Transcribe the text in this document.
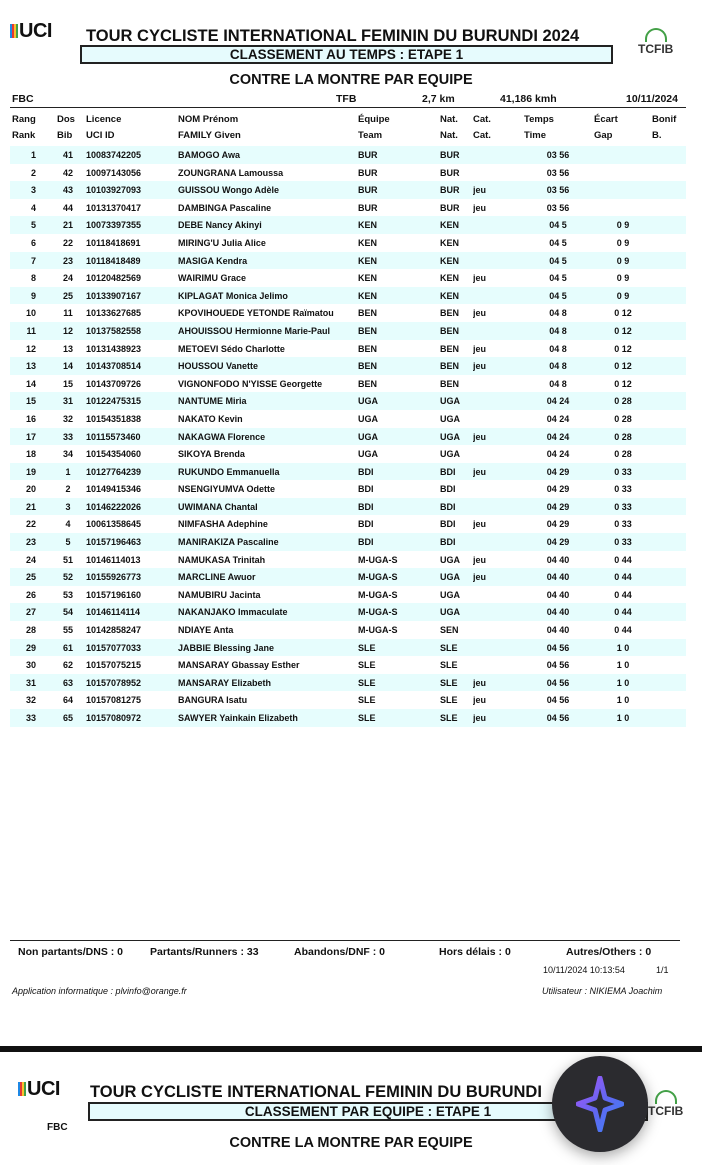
UCI TOUR CYCLISTE INTERNATIONAL FEMININ DU BURUNDI 2024
CLASSEMENT AU TEMPS : ETAPE 1	TCFIB
CONTRE LA MONTRE PAR EQUIPE
FBC	TFB	2,7 km	41,186 kmh	10/11/2024
Rang Dos Licence	NOM Prénom	Équipe	Nat. Cat.	Temps	Écart	Bonif
Rank Bib UCI ID	FAMILY Given	Team	Nat. Cat.	Time	Gap	B.
1	41	10083742205	BAMOGO Awa	BUR	BUR	03 56
2	42	10097143056	ZOUNGRANA Lamoussa	BUR	BUR	03 56
3	43	10103927093	GUISSOU Wongo Adèle	BUR	BUR	jeu	03 56
4	44	10131370417	DAMBINGA Pascaline	BUR	BUR	jeu	03 56
5	21	10073397355	DEBE Nancy Akinyi	KEN	KEN	04 5	0 9
6	22	10118418691	MIRING'U Julia Alice	KEN	KEN	04 5	0 9
7	23	10118418489	MASIGA Kendra	KEN	KEN	04 5	0 9
8	24	10120482569	WAIRIMU Grace	KEN	KEN	jeu	04 5	0 9
9	25	10133907167	KIPLAGAT Monica Jelimo	KEN	KEN	04 5	0 9
10	11	10133627685	KPOVIHOUEDE YETONDE Raïmatou	BEN	BEN	jeu	04 8	0 12
11	12	10137582558	AHOUISSOU Hermionne Marie-Paul	BEN	BEN	04 8	0 12
12	13	10131438923	METOEVI Sédo Charlotte	BEN	BEN	jeu	04 8	0 12
13	14	10143708514	HOUSSOU Vanette	BEN	BEN	jeu	04 8	0 12
14	15	10143709726	VIGNONFODO N'YISSE Georgette	BEN	BEN	04 8	0 12
15	31	10122475315	NANTUME Miria	UGA	UGA	04 24	0 28
16	32	10154351838	NAKATO Kevin	UGA	UGA	04 24	0 28
17	33	10115573460	NAKAGWA Florence	UGA	UGA	jeu	04 24	0 28
18	34	10154354060	SIKOYA Brenda	UGA	UGA	04 24	0 28
19	1	10127764239	RUKUNDO Emmanuella	BDI	BDI	jeu	04 29	0 33
20	2	10149415346	NSENGIYUMVA Odette	BDI	BDI	04 29	0 33
21	3	10146222026	UWIMANA Chantal	BDI	BDI	04 29	0 33
22	4	10061358645	NIMFASHA Adephine	BDI	BDI	jeu	04 29	0 33
23	5	10157196463	MANIRAKIZA Pascaline	BDI	BDI	04 29	0 33
24	51	10146114013	NAMUKASA Trinitah	M-UGA-S	UGA	jeu	04 40	0 44
25	52	10155926773	MARCLINE Awuor	M-UGA-S	UGA	jeu	04 40	0 44
26	53	10157196160	NAMUBIRU Jacinta	M-UGA-S	UGA	04 40	0 44
27	54	10146114114	NAKANJAKO Immaculate	M-UGA-S	UGA	04 40	0 44
28	55	10142858247	NDIAYE Anta	M-UGA-S	SEN	04 40	0 44
29	61	10157077033	JABBIE Blessing Jane	SLE	SLE	04 56	1 0
30	62	10157075215	MANSARAY Gbassay Esther	SLE	SLE	04 56	1 0
31	63	10157078952	MANSARAY Elizabeth	SLE	SLE	jeu	04 56	1 0
32	64	10157081275	BANGURA Isatu	SLE	SLE	jeu	04 56	1 0
33	65	10157080972	SAWYER Yainkain Elizabeth	SLE	SLE	jeu	04 56	1 0
Non partants/DNS : 0	Partants/Runners : 33	Abandons/DNF : 0	Hors délais : 0	Autres/Others : 0
10/11/2024 10:13:54	1/1
Application informatique : plvinfo@orange.fr	Utilisateur : NIKIEMA Joachim
UCI TOUR CYCLISTE INTERNATIONAL FEMININ DU BURUNDI
CLASSEMENT PAR EQUIPE : ETAPE 1	TCFIB
FBC
CONTRE LA MONTRE PAR EQUIPE
